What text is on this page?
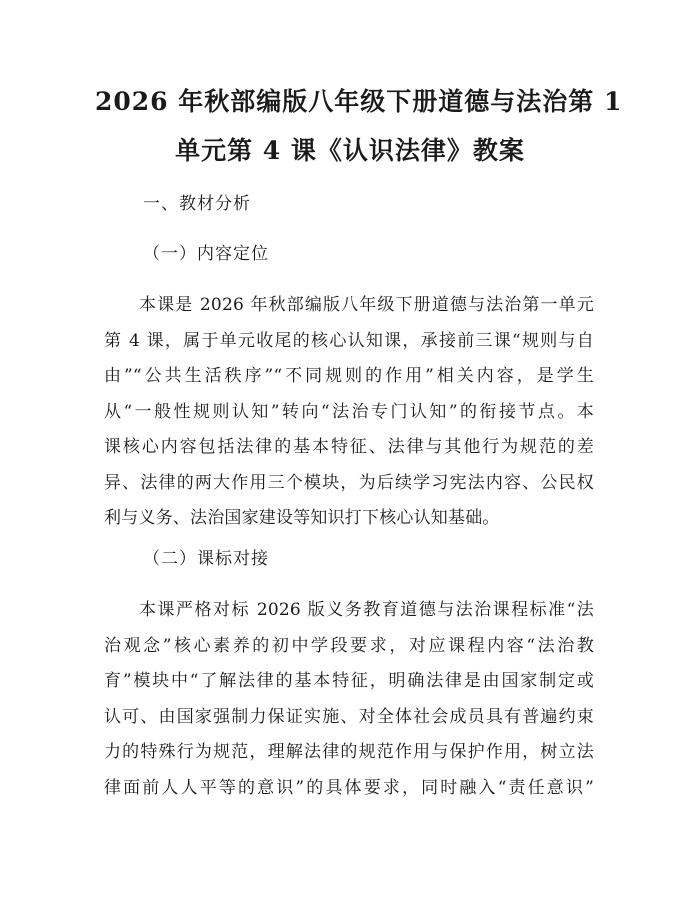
2026 年秋部编版八年级下册道德与法治第 1
单元第 4 课《认识法律》教案
一、教材分析
（一）内容定位
本课是 2026 年秋部编版八年级下册道德与法治第一单元
第 4 课，属于单元收尾的核心认知课，承接前三课“规则与自
由”“公共生活秩序”“不同规则的作用”相关内容，是学生
从“一般性规则认知”转向“法治专门认知”的衔接节点。本
课核心内容包括法律的基本特征、法律与其他行为规范的差
异、法律的两大作用三个模块，为后续学习宪法内容、公民权
利与义务、法治国家建设等知识打下核心认知基础。
（二）课标对接
本课严格对标 2026 版义务教育道德与法治课程标准“法
治观念”核心素养的初中学段要求，对应课程内容“法治教
育”模块中“了解法律的基本特征，明确法律是由国家制定或
认可、由国家强制力保证实施、对全体社会成员具有普遍约束
力的特殊行为规范，理解法律的规范作用与保护作用，树立法
律面前人人平等的意识”的具体要求，同时融入“责任意识”
